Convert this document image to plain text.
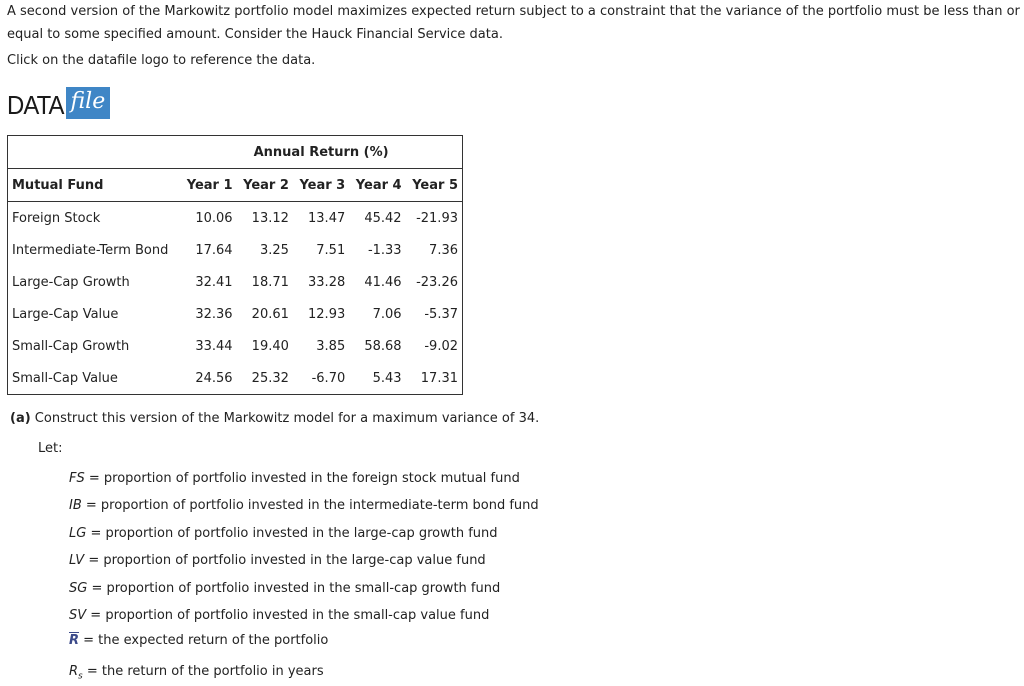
A second version of the Markowitz portfolio model maximizes expected return subject to a constraint that the variance of the portfolio must be less than or equal to some specified amount. Consider the Hauck Financial Service data.

Click on the datafile logo to reference the data.

DATA file
	Annual Return (%)				
Mutual Fund	Year 1	Year 2	Year 3	Year 4	Year 5
Foreign Stock	10.06	13.12	13.47	45.42	-21.93
Intermediate-Term Bond	17.64	3.25	7.51	-1.33	7.36
Large-Cap Growth	32.41	18.71	33.28	41.46	-23.26
Large-Cap Value	32.36	20.61	12.93	7.06	-5.37
Small-Cap Growth	33.44	19.40	3.85	58.68	-9.02
Small-Cap Value	24.56	25.32	-6.70	5.43	17.31

(a) Construct this version of the Markowitz model for a maximum variance of 34.

Let:

FS = proportion of portfolio invested in the foreign stock mutual fund
IB = proportion of portfolio invested in the intermediate-term bond fund
LG = proportion of portfolio invested in the large-cap growth fund
LV = proportion of portfolio invested in the large-cap value fund
SG = proportion of portfolio invested in the small-cap growth fund
SV = proportion of portfolio invested in the small-cap value fund

$\overline{R}$ = the expected return of the portfolio

$R_s$ = the return of the portfolio in years
